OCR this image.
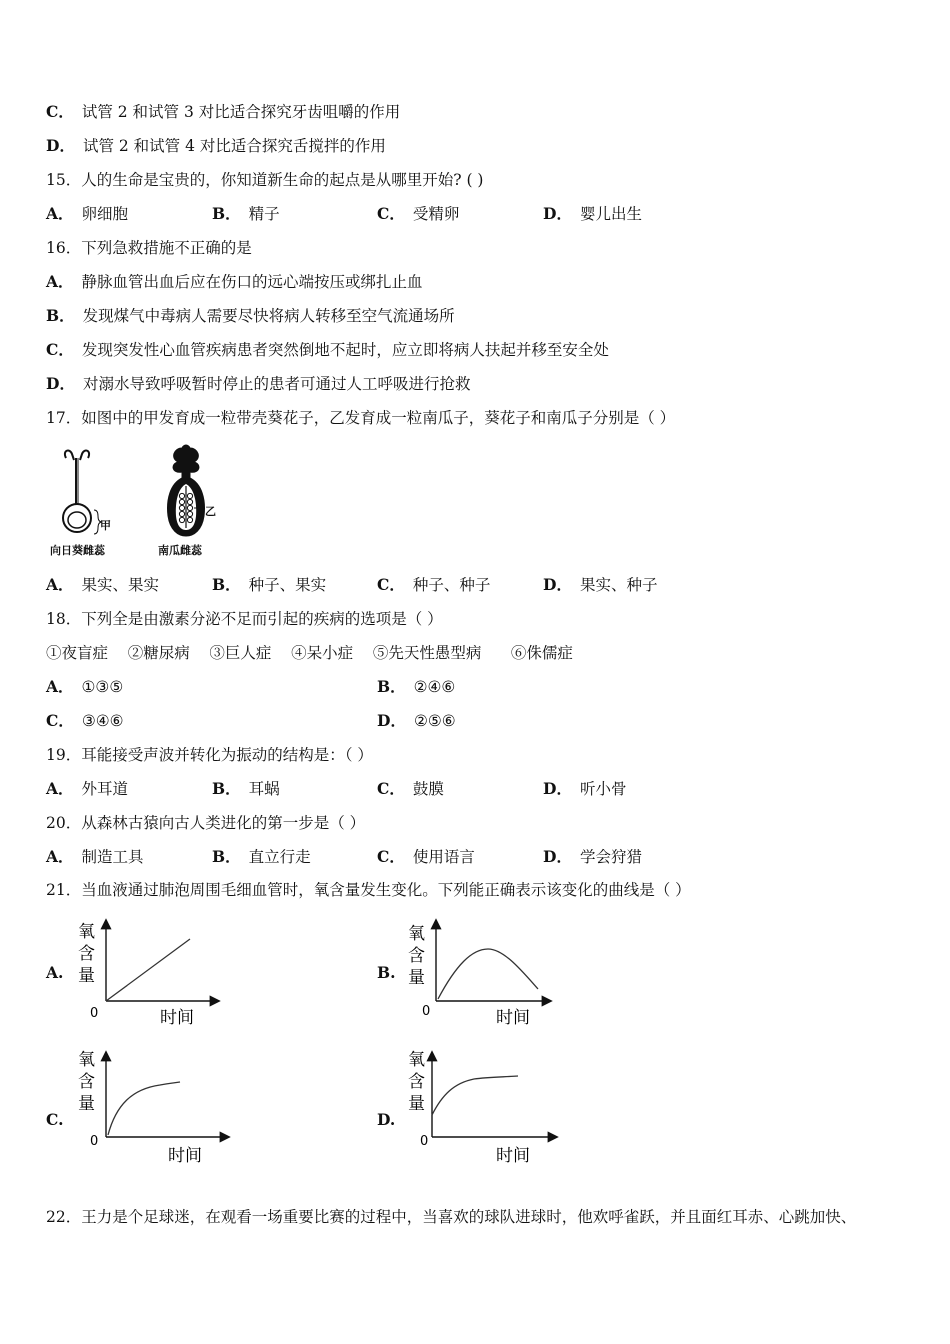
C． 试管 2 和试管 3 对比适合探究牙齿咀嚼的作用
D． 试管 2 和试管 4 对比适合探究舌搅拌的作用
15．人的生命是宝贵的，你知道新生命的起点是从哪里开始? ( )
A． 卵细胞	B． 精子	C． 受精卵	D． 婴儿出生
16．下列急救措施不正确的是
A． 静脉血管出血后应在伤口的远心端按压或绑扎止血
B． 发现煤气中毒病人需要尽快将病人转移至空气流通场所
C． 发现突发性心血管疾病患者突然倒地不起时，应立即将病人扶起并移至安全处
D． 对溺水导致呼吸暂时停止的患者可通过人工呼吸进行抢救
17．如图中的甲发育成一粒带壳葵花子，乙发育成一粒南瓜子，葵花子和南瓜子分别是（ ）
甲
向日葵雌蕊
乙
南瓜雌蕊
A． 果实、果实	B． 种子、果实	C． 种子、种子	D． 果实、种子
18．下列全是由激素分泌不足而引起的疾病的选项是（ ）
①夜盲症    ②糖尿病    ③巨人症    ④呆小症    ⑤先天性愚型病      ⑥侏儒症
A． ①③⑤	B． ②④⑥
C． ③④⑥	D． ②⑤⑥
19．耳能接受声波并转化为振动的结构是：（ ）
A． 外耳道	B． 耳蜗	C． 鼓膜	D． 听小骨
20．从森林古猿向古人类进化的第一步是（ ）
A． 制造工具	B． 直立行走	C． 使用语言	D． 学会狩猎
21．当血液通过肺泡周围毛细血管时，氧含量发生变化。下列能正确表示该变化的曲线是（ ）
A.
氧
含
量
0	时间
B.
氧
含
量
0	时间
C.
氧
含
量
0
时间
D.
氧
含
量
0
时间
22．王力是个足球迷，在观看一场重要比赛的过程中，当喜欢的球队进球时，他欢呼雀跃，并且面红耳赤、心跳加快、
